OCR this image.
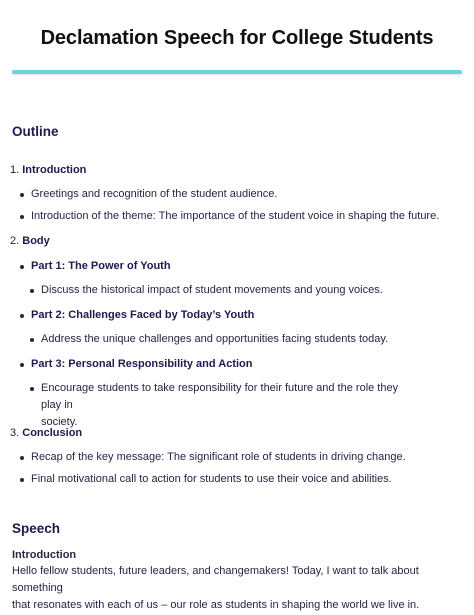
Declamation Speech for College Students
Outline
1. Introduction
Greetings and recognition of the student audience.
Introduction of the theme: The importance of the student voice in shaping the future.
2. Body
Part 1: The Power of Youth
Discuss the historical impact of student movements and young voices.
Part 2: Challenges Faced by Today’s Youth
Address the unique challenges and opportunities facing students today.
Part 3: Personal Responsibility and Action
Encourage students to take responsibility for their future and the role they play in
society.
3. Conclusion
Recap of the key message: The significant role of students in driving change.
Final motivational call to action for students to use their voice and abilities.
Speech
Introduction
Hello fellow students, future leaders, and changemakers! Today, I want to talk about something
that resonates with each of us – our role as students in shaping the world we live in.
